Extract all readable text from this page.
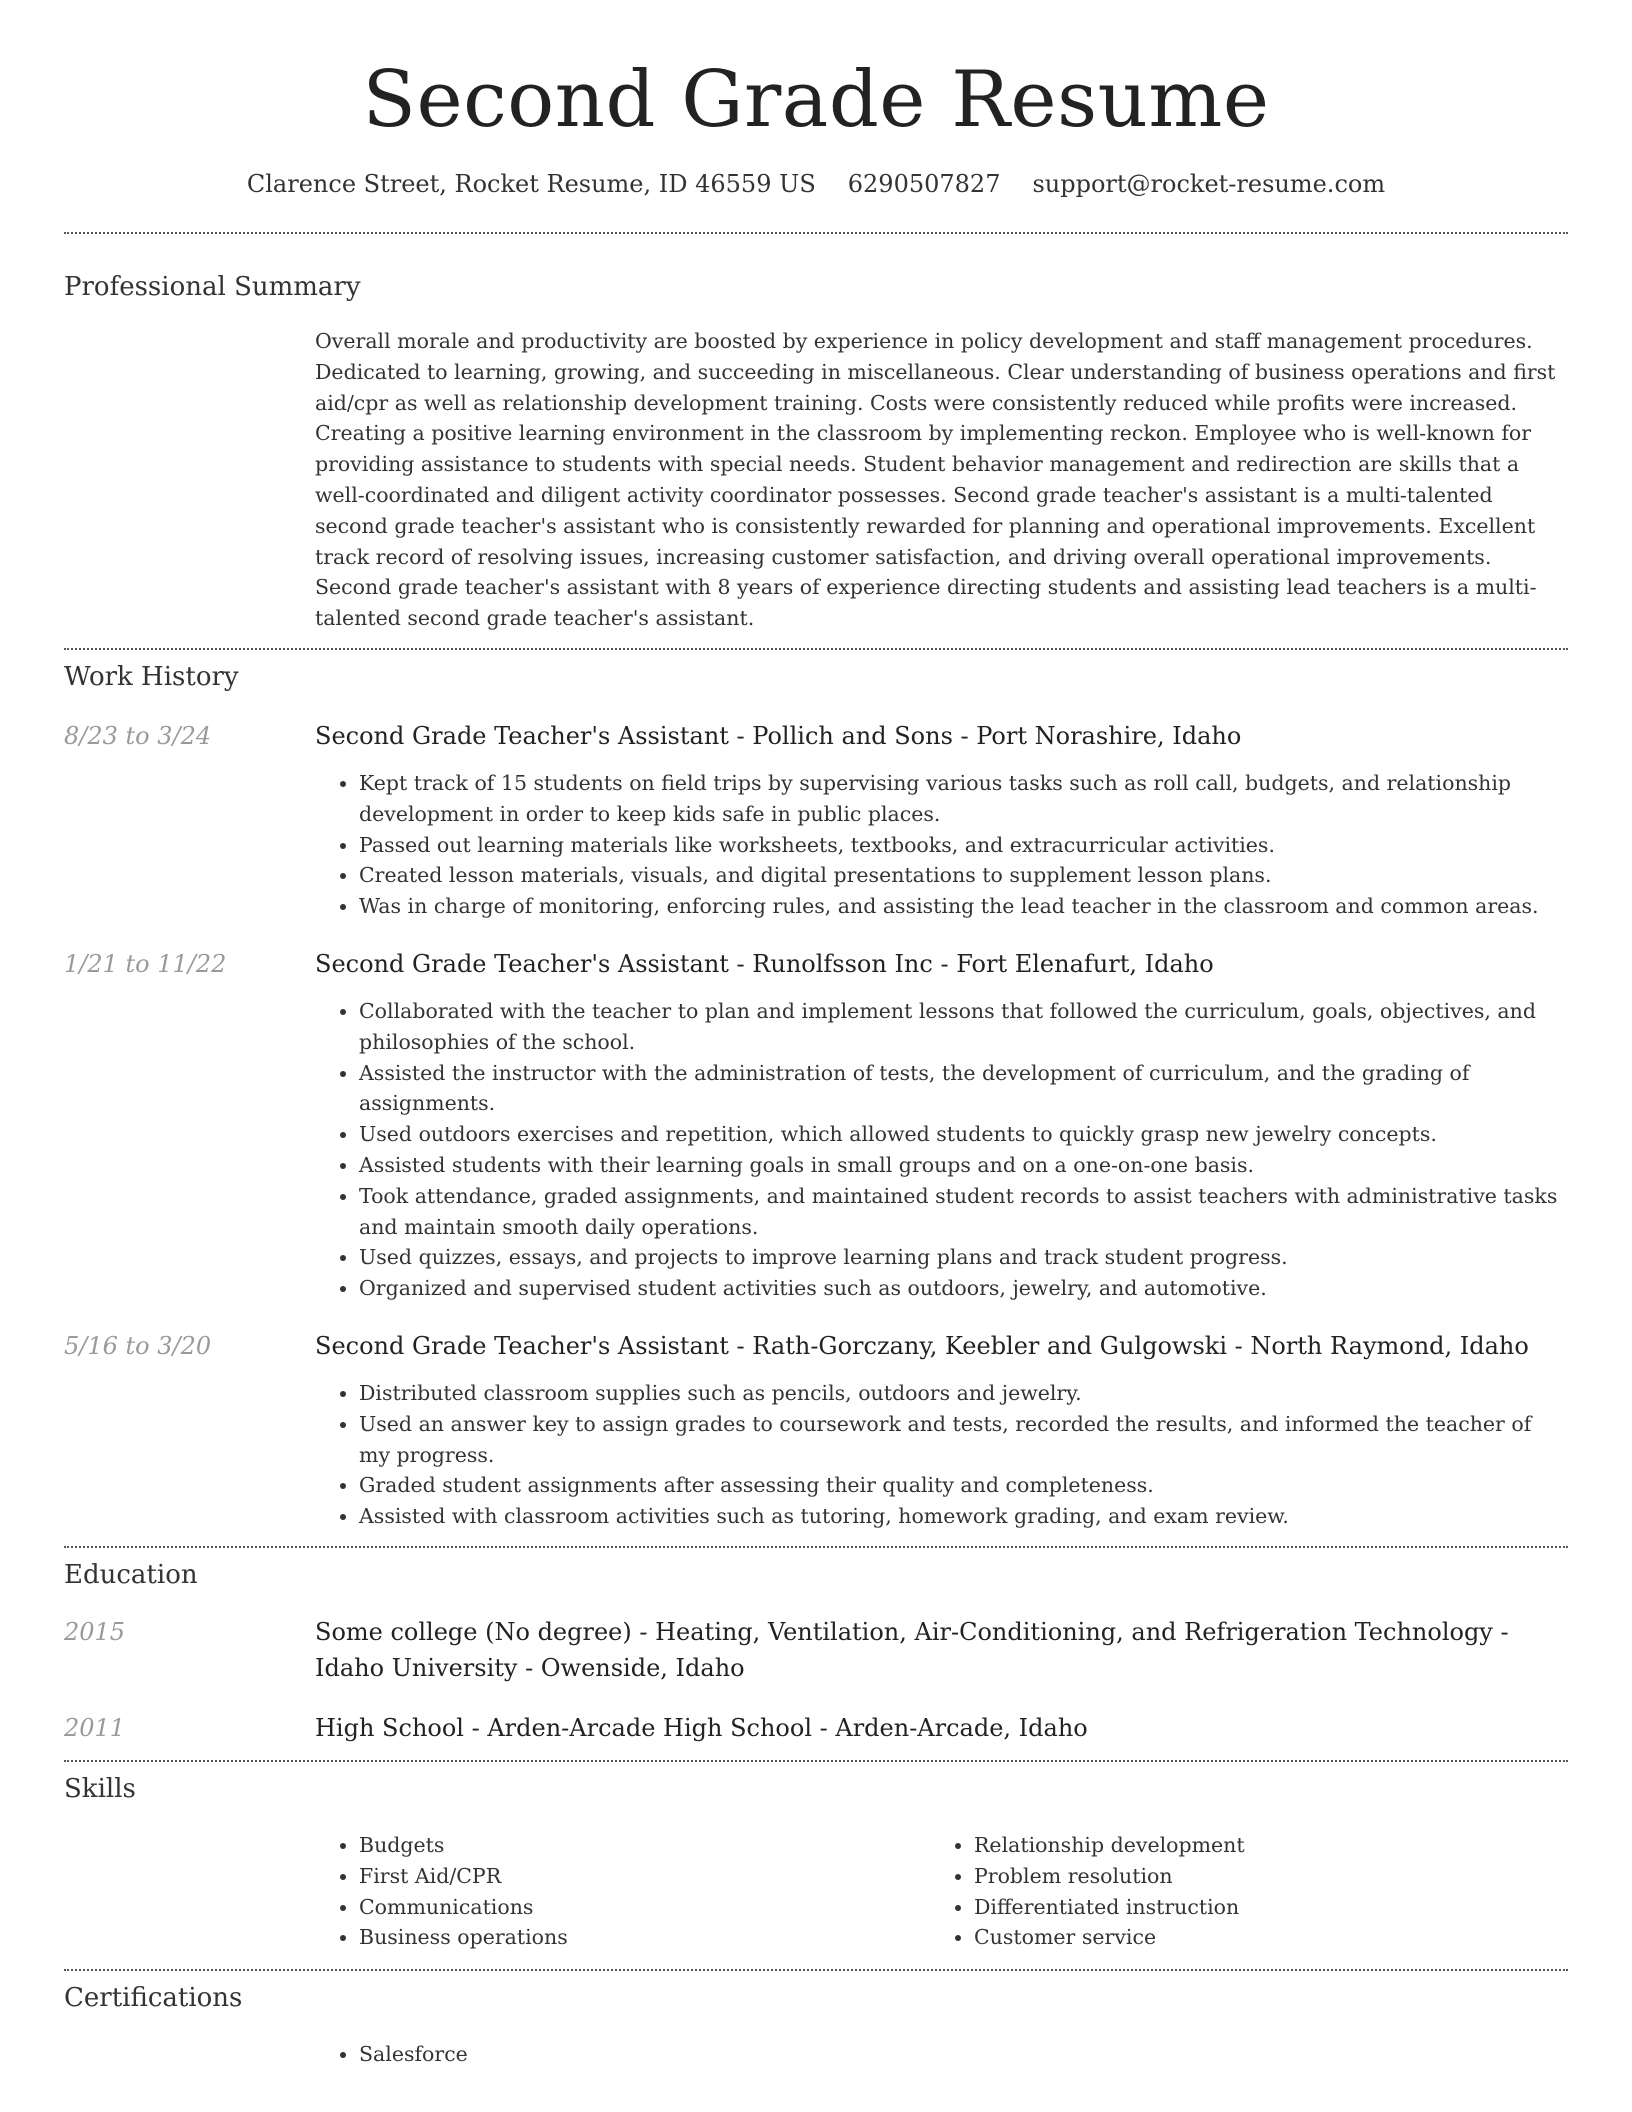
Second Grade Resume
Clarence Street, Rocket Resume, ID 46559 US 6290507827 support@rocket-resume.com
Professional Summary

Overall morale and productivity are boosted by experience in policy development and staff management procedures. Dedicated to learning, growing, and succeeding in miscellaneous. Clear understanding of business operations and first aid/cpr as well as relationship development training. Costs were consistently reduced while profits were increased. Creating a positive learning environment in the classroom by implementing reckon. Employee who is well-known for providing assistance to students with special needs. Student behavior management and redirection are skills that a well-coordinated and diligent activity coordinator possesses. Second grade teacher's assistant is a multi-talented second grade teacher's assistant who is consistently rewarded for planning and operational improvements. Excellent track record of resolving issues, increasing customer satisfaction, and driving overall operational improvements. Second grade teacher's assistant with 8 years of experience directing students and assisting lead teachers is a multi-talented second grade teacher's assistant.

Work History
8/23 to 3/24	Second Grade Teacher's Assistant - Pollich and Sons - Port Norashire, Idaho
• Kept track of 15 students on field trips by supervising various tasks such as roll call, budgets, and relationship development in order to keep kids safe in public places.
• Passed out learning materials like worksheets, textbooks, and extracurricular activities.
• Created lesson materials, visuals, and digital presentations to supplement lesson plans.
• Was in charge of monitoring, enforcing rules, and assisting the lead teacher in the classroom and common areas.
1/21 to 11/22	Second Grade Teacher's Assistant - Runolfsson Inc - Fort Elenafurt, Idaho
• Collaborated with the teacher to plan and implement lessons that followed the curriculum, goals, objectives, and philosophies of the school.
• Assisted the instructor with the administration of tests, the development of curriculum, and the grading of assignments.
• Used outdoors exercises and repetition, which allowed students to quickly grasp new jewelry concepts.
• Assisted students with their learning goals in small groups and on a one-on-one basis.
• Took attendance, graded assignments, and maintained student records to assist teachers with administrative tasks and maintain smooth daily operations.
• Used quizzes, essays, and projects to improve learning plans and track student progress.
• Organized and supervised student activities such as outdoors, jewelry, and automotive.
5/16 to 3/20	Second Grade Teacher's Assistant - Rath-Gorczany, Keebler and Gulgowski - North Raymond, Idaho
• Distributed classroom supplies such as pencils, outdoors and jewelry.
• Used an answer key to assign grades to coursework and tests, recorded the results, and informed the teacher of my progress.
• Graded student assignments after assessing their quality and completeness.
• Assisted with classroom activities such as tutoring, homework grading, and exam review.
Education
2015	Some college (No degree) - Heating, Ventilation, Air-Conditioning, and Refrigeration Technology - Idaho University - Owenside, Idaho
2011	High School - Arden-Arcade High School - Arden-Arcade, Idaho
Skills
• Budgets
• First Aid/CPR
• Communications
• Business operations
• Relationship development
• Problem resolution
• Differentiated instruction
• Customer service
Certifications
• Salesforce
